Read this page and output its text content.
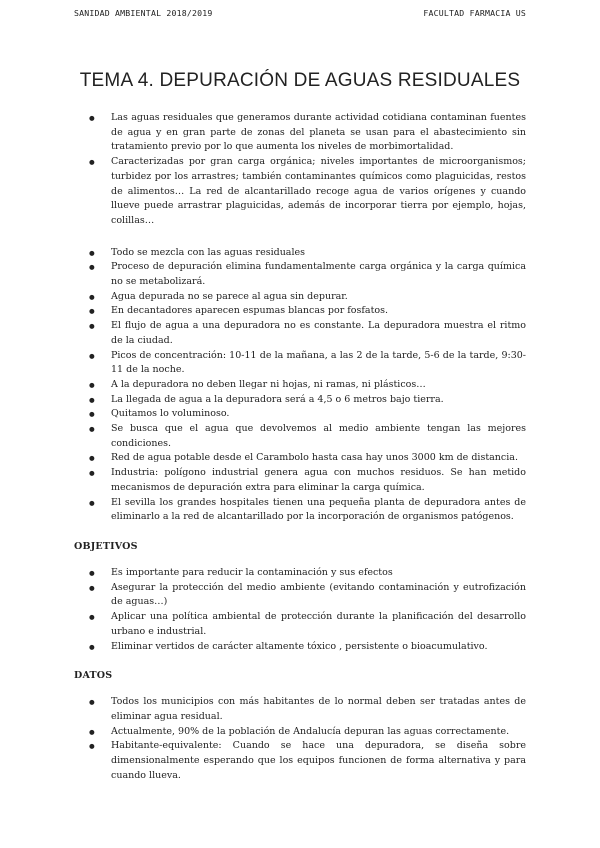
SANIDAD AMBIENTAL 2018/2019	FACULTAD FARMACIA US
TEMA 4. DEPURACIÓN DE AGUAS RESIDUALES
● Las aguas residuales que generamos durante actividad cotidiana contaminan fuentes de agua y en gran parte de zonas del planeta se usan para el abastecimiento sin tratamiento previo por lo que aumenta los niveles de morbimortalidad.
● Caracterizadas por gran carga orgánica; niveles importantes de microorganismos; turbidez por los arrastres; también contaminantes químicos como plaguicidas, restos de alimentos… La red de alcantarillado recoge agua de varios orígenes y cuando llueve puede arrastrar plaguicidas, además de incorporar tierra por ejemplo, hojas, colillas…
● Todo se mezcla con las aguas residuales
● Proceso de depuración elimina fundamentalmente carga orgánica y la carga química no se metabolizará.
● Agua depurada no se parece al agua sin depurar.
● En decantadores aparecen espumas blancas por fosfatos.
● El flujo de agua a una depuradora no es constante. La depuradora muestra el ritmo de la ciudad.
● Picos de concentración: 10-11 de la mañana, a las 2 de la tarde, 5-6 de la tarde, 9:30-11 de la noche.
● A la depuradora no deben llegar ni hojas, ni ramas, ni plásticos…
● La llegada de agua a la depuradora será a 4,5 o 6 metros bajo tierra.
● Quitamos lo voluminoso.
● Se busca que el agua que devolvemos al medio ambiente tengan las mejores condiciones.
● Red de agua potable desde el Carambolo hasta casa hay unos 3000 km de distancia.
● Industria: polígono industrial genera agua con muchos residuos. Se han metido mecanismos de depuración extra para eliminar la carga química.
● El sevilla los grandes hospitales tienen una pequeña planta de depuradora antes de eliminarlo a la red de alcantarillado por la incorporación de organismos patógenos.
OBJETIVOS
● Es importante para reducir la contaminación y sus efectos
● Asegurar la protección del medio ambiente (evitando contaminación y eutrofización de aguas…)
● Aplicar una política ambiental de protección durante la planificación del desarrollo urbano e industrial.
● Eliminar vertidos de carácter altamente tóxico , persistente o bioacumulativo.
DATOS
● Todos los municipios con más habitantes de lo normal deben ser tratadas antes de eliminar agua residual.
● Actualmente, 90% de la población de Andalucía depuran las aguas correctamente.
● Habitante-equivalente: Cuando se hace una depuradora, se diseña sobre dimensionalmente esperando que los equipos funcionen de forma alternativa y para cuando llueva.
